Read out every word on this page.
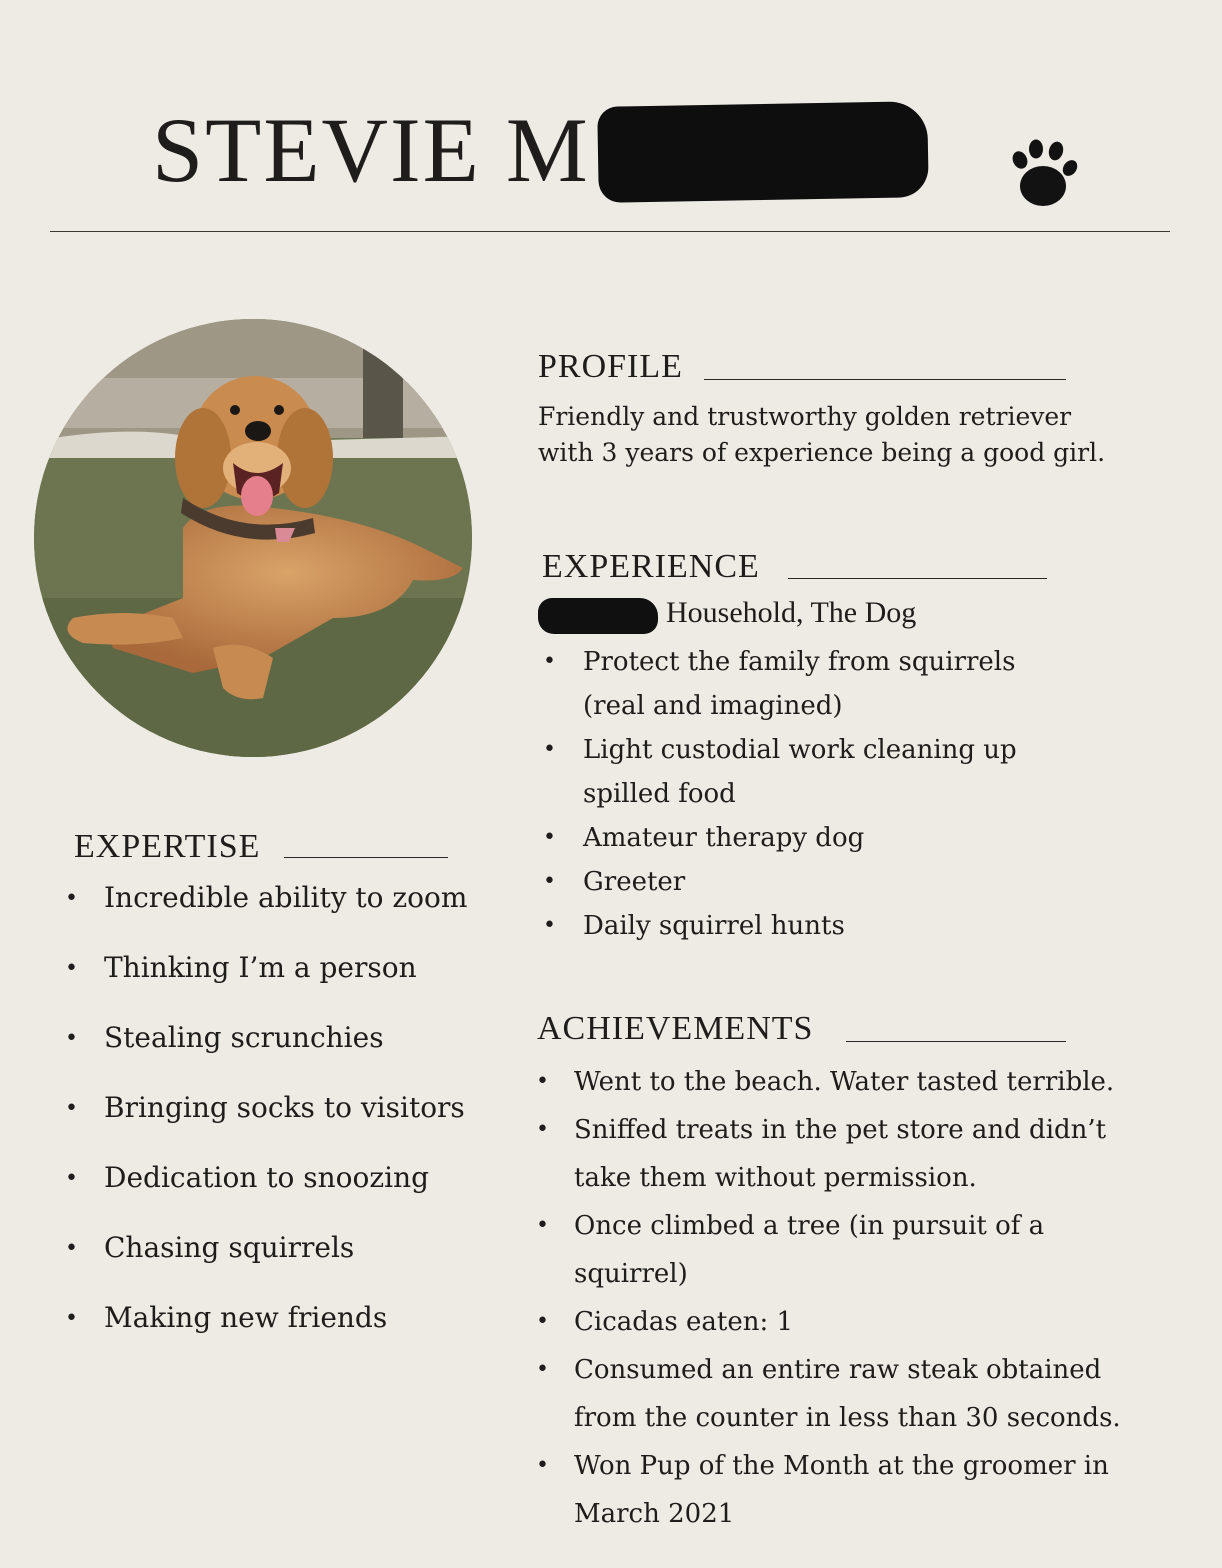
STEVIE M
PROFILE

Friendly and trustworthy golden retriever

with 3 years of experience being a good girl.

EXPERIENCE
Household, The Dog
• Protect the family from squirrels (real and imagined)
• Light custodial work cleaning up spilled food
• Amateur therapy dog
• Greeter
• Daily squirrel hunts
EXPERTISE
• Incredible ability to zoom
• Thinking I’m a person
• Stealing scrunchies
• Bringing socks to visitors
• Dedication to snoozing
• Chasing squirrels
• Making new friends
ACHIEVEMENTS
• Went to the beach. Water tasted terrible.
• Sniffed treats in the pet store and didn’t take them without permission.
• Once climbed a tree (in pursuit of a squirrel)
• Cicadas eaten: 1
• Consumed an entire raw steak obtained from the counter in less than 30 seconds.
• Won Pup of the Month at the groomer in March 2021
